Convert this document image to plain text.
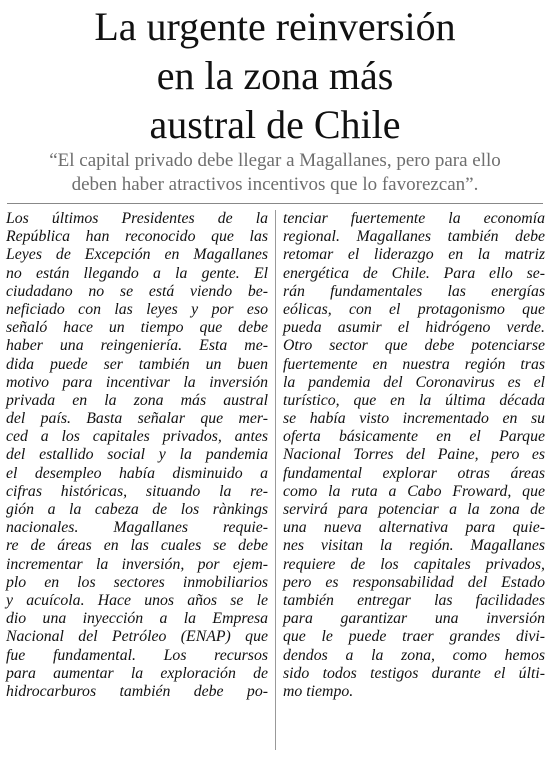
La urgente reinversión
en la zona más
austral de Chile
“El capital privado debe llegar a Magallanes, pero para ello
deben haber atractivos incentivos que lo favorezcan”.
Los últimos Presidentes de la
República han reconocido que las
Leyes de Excepción en Magallanes
no están llegando a la gente. El
ciudadano no se está viendo be-
neficiado con las leyes y por eso
señaló hace un tiempo que debe
haber una reingeniería. Esta me-
dida puede ser también un buen
motivo para incentivar la inversión
privada en la zona más austral
del país. Basta señalar que mer-
ced a los capitales privados, antes
del estallido social y la pandemia
el desempleo había disminuido a
cifras históricas, situando la re-
gión a la cabeza de los rànkings
nacionales. Magallanes requie-
re de áreas en las cuales se debe
incrementar la inversión, por ejem-
plo en los sectores inmobiliarios
y acuícola. Hace unos años se le
dio una inyección a la Empresa
Nacional del Petróleo (ENAP) que
fue fundamental. Los recursos
para aumentar la exploración de
hidrocarburos también debe po-
tenciar fuertemente la economía
regional. Magallanes también debe
retomar el liderazgo en la matriz
energética de Chile. Para ello se-
rán fundamentales las energías
eólicas, con el protagonismo que
pueda asumir el hidrógeno verde.
Otro sector que debe potenciarse
fuertemente en nuestra región tras
la pandemia del Coronavirus es el
turístico, que en la última década
se había visto incrementado en su
oferta básicamente en el Parque
Nacional Torres del Paine, pero es
fundamental explorar otras áreas
como la ruta a Cabo Froward, que
servirá para potenciar a la zona de
una nueva alternativa para quie-
nes visitan la región. Magallanes
requiere de los capitales privados,
pero es responsabilidad del Estado
también entregar las facilidades
para garantizar una inversión
que le puede traer grandes divi-
dendos a la zona, como hemos
sido todos testigos durante el últi-
mo tiempo.
